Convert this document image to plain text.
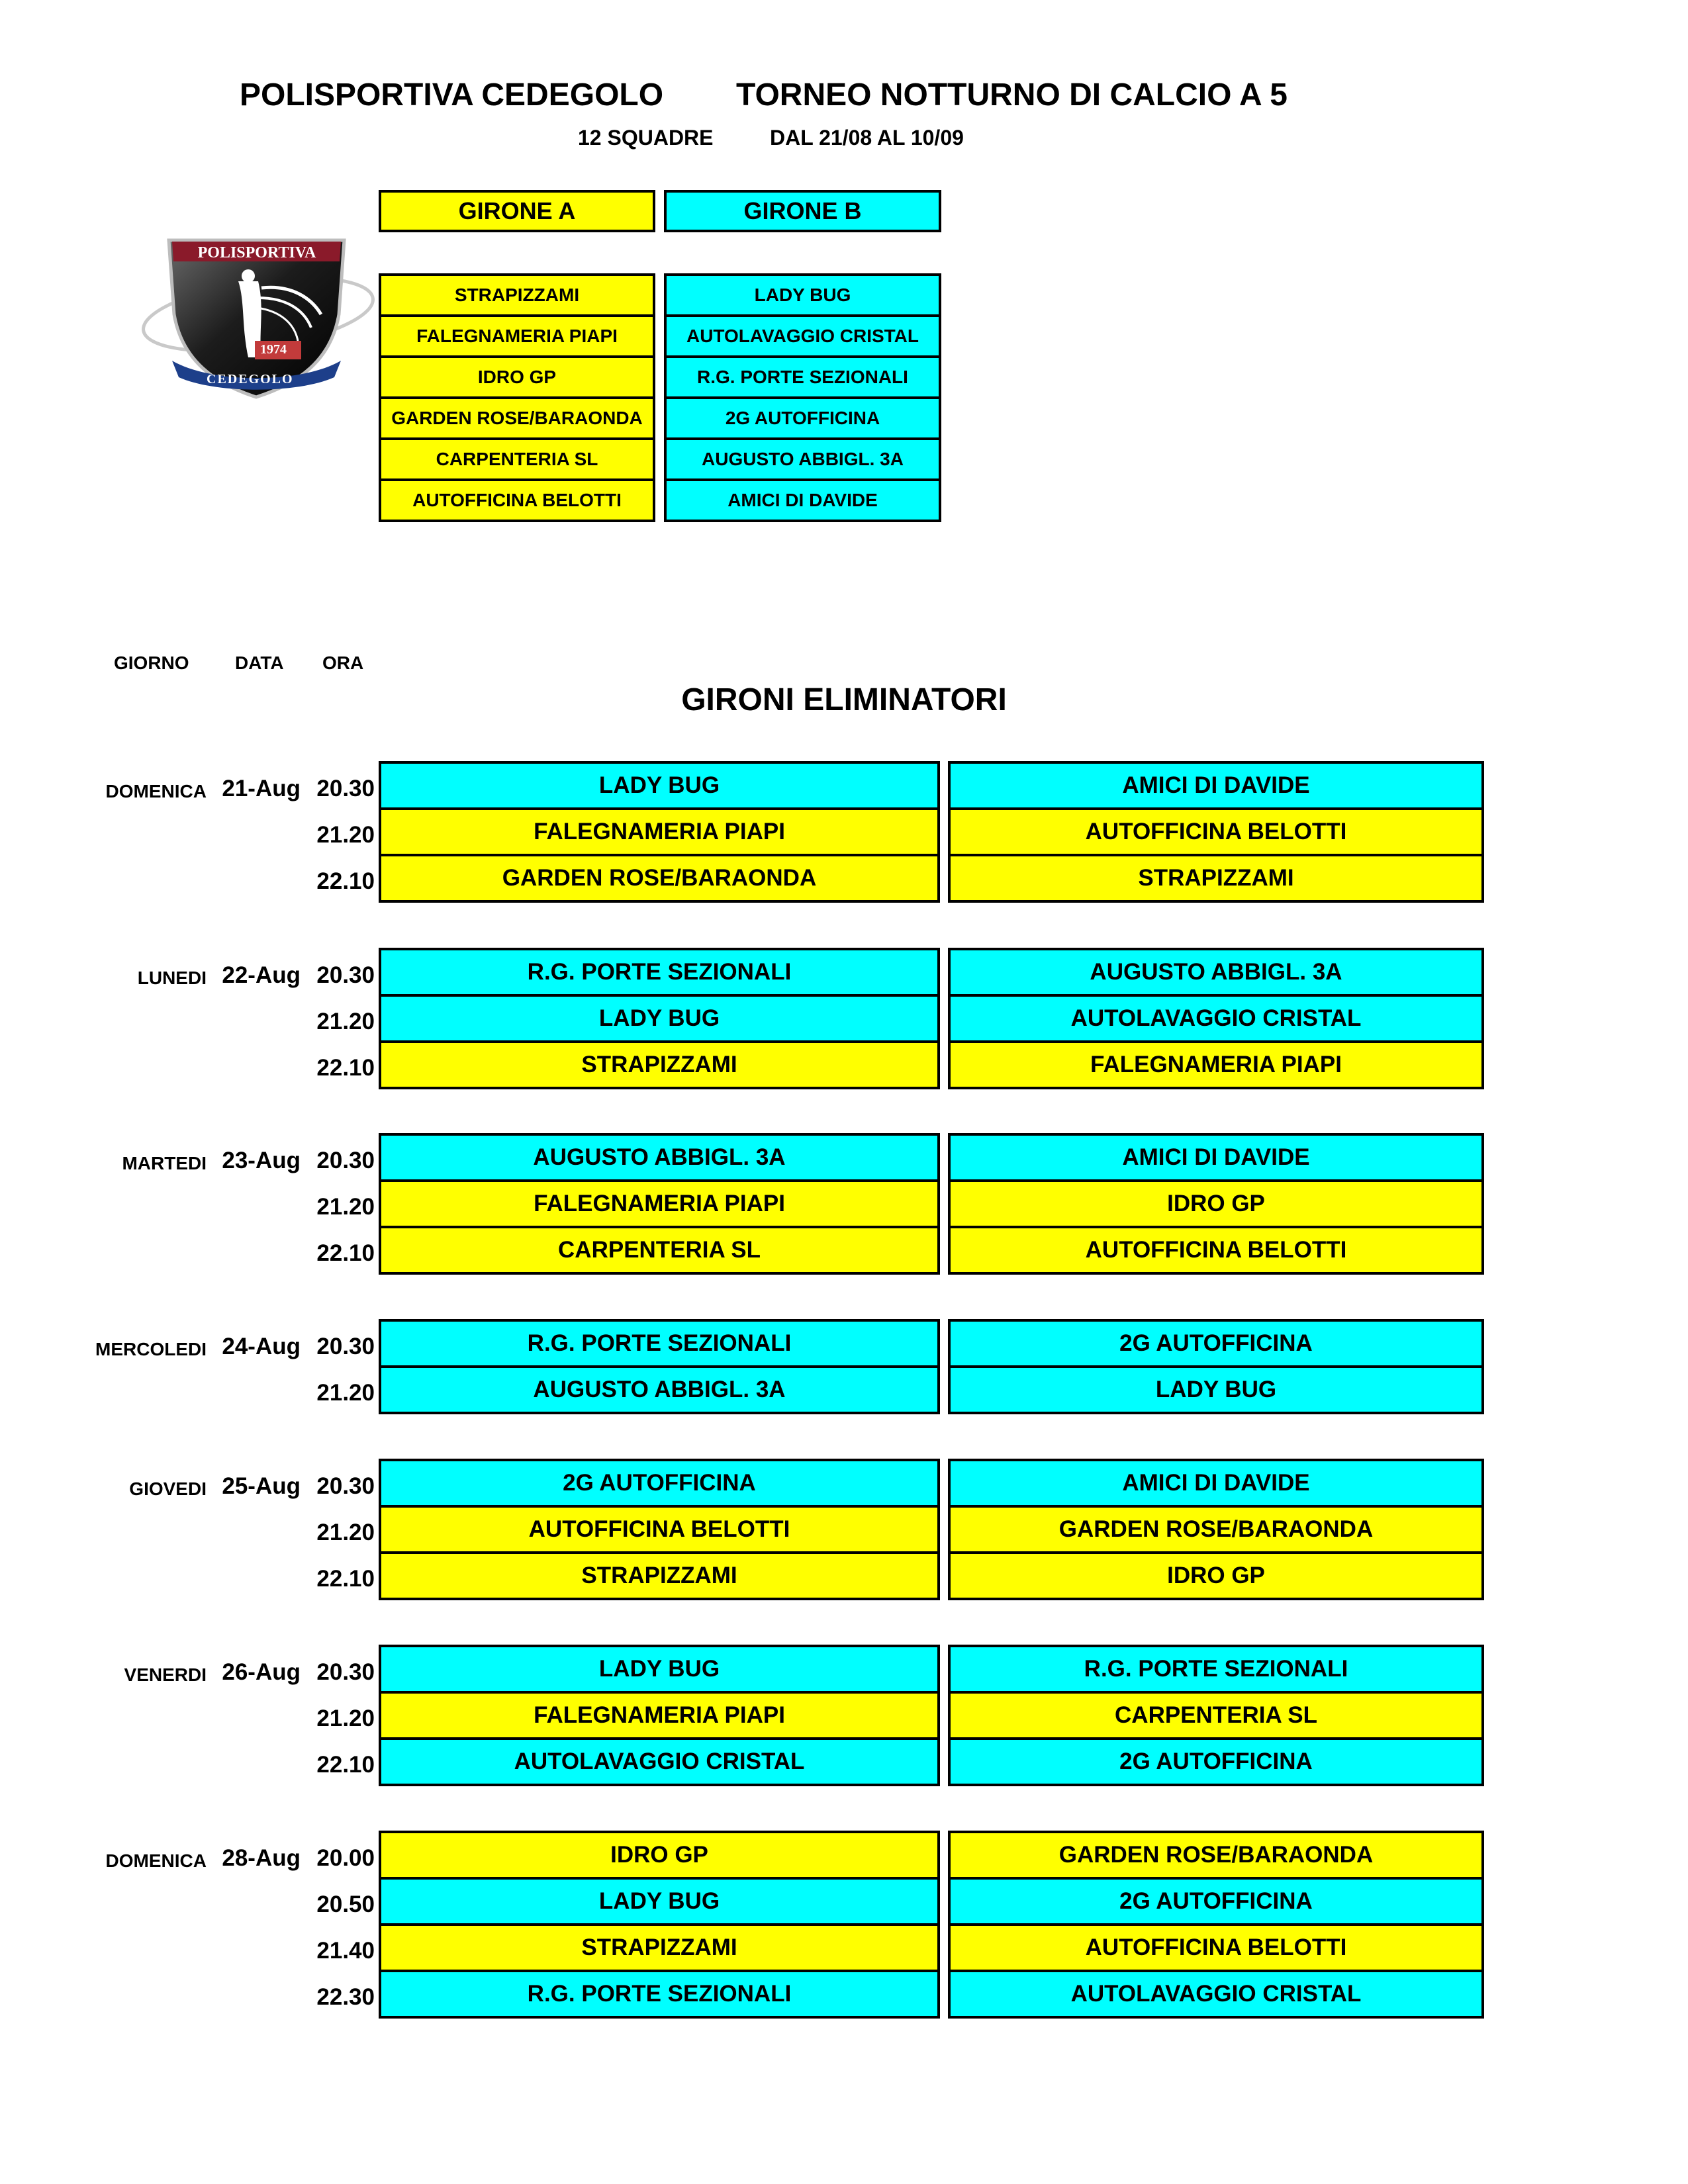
POLISPORTIVA CEDEGOLO TORNEO NOTTURNO DI CALCIO A 5
12 SQUADRE	DAL 21/08 AL 10/09
POLISPORTIVA
1974
CEDEGOLO
GIRONE A	GIRONE B
STRAPIZZAMI
FALEGNAMERIA PIAPI
IDRO GP
GARDEN ROSE/BARAONDA
CARPENTERIA SL
AUTOFFICINA BELOTTI
LADY BUG
AUTOLAVAGGIO CRISTAL
R.G. PORTE SEZIONALI
2G AUTOFFICINA
AUGUSTO ABBIGL. 3A
AMICI DI DAVIDE
GIORNO DATA ORA
GIRONI ELIMINATORI
DOMENICA 21-Aug 20.30	LADY BUG	AMICI DI DAVIDE
21.20	FALEGNAMERIA PIAPI	AUTOFFICINA BELOTTI
22.10	GARDEN ROSE/BARAONDA	STRAPIZZAMI
LUNEDI 22-Aug 20.30	R.G. PORTE SEZIONALI	AUGUSTO ABBIGL. 3A
21.20	LADY BUG	AUTOLAVAGGIO CRISTAL
22.10	STRAPIZZAMI	FALEGNAMERIA PIAPI
MARTEDI 23-Aug 20.30	AUGUSTO ABBIGL. 3A	AMICI DI DAVIDE
21.20	FALEGNAMERIA PIAPI	IDRO GP
22.10	CARPENTERIA SL	AUTOFFICINA BELOTTI
MERCOLEDI 24-Aug 20.30	R.G. PORTE SEZIONALI	2G AUTOFFICINA
21.20	AUGUSTO ABBIGL. 3A	LADY BUG
GIOVEDI 25-Aug 20.30	2G AUTOFFICINA	AMICI DI DAVIDE
21.20	AUTOFFICINA BELOTTI	GARDEN ROSE/BARAONDA
22.10	STRAPIZZAMI	IDRO GP
VENERDI 26-Aug 20.30	LADY BUG	R.G. PORTE SEZIONALI
21.20	FALEGNAMERIA PIAPI	CARPENTERIA SL
22.10	AUTOLAVAGGIO CRISTAL	2G AUTOFFICINA
DOMENICA 28-Aug 20.00	IDRO GP	GARDEN ROSE/BARAONDA
20.50	LADY BUG	2G AUTOFFICINA
21.40	STRAPIZZAMI	AUTOFFICINA BELOTTI
22.30	R.G. PORTE SEZIONALI	AUTOLAVAGGIO CRISTAL
